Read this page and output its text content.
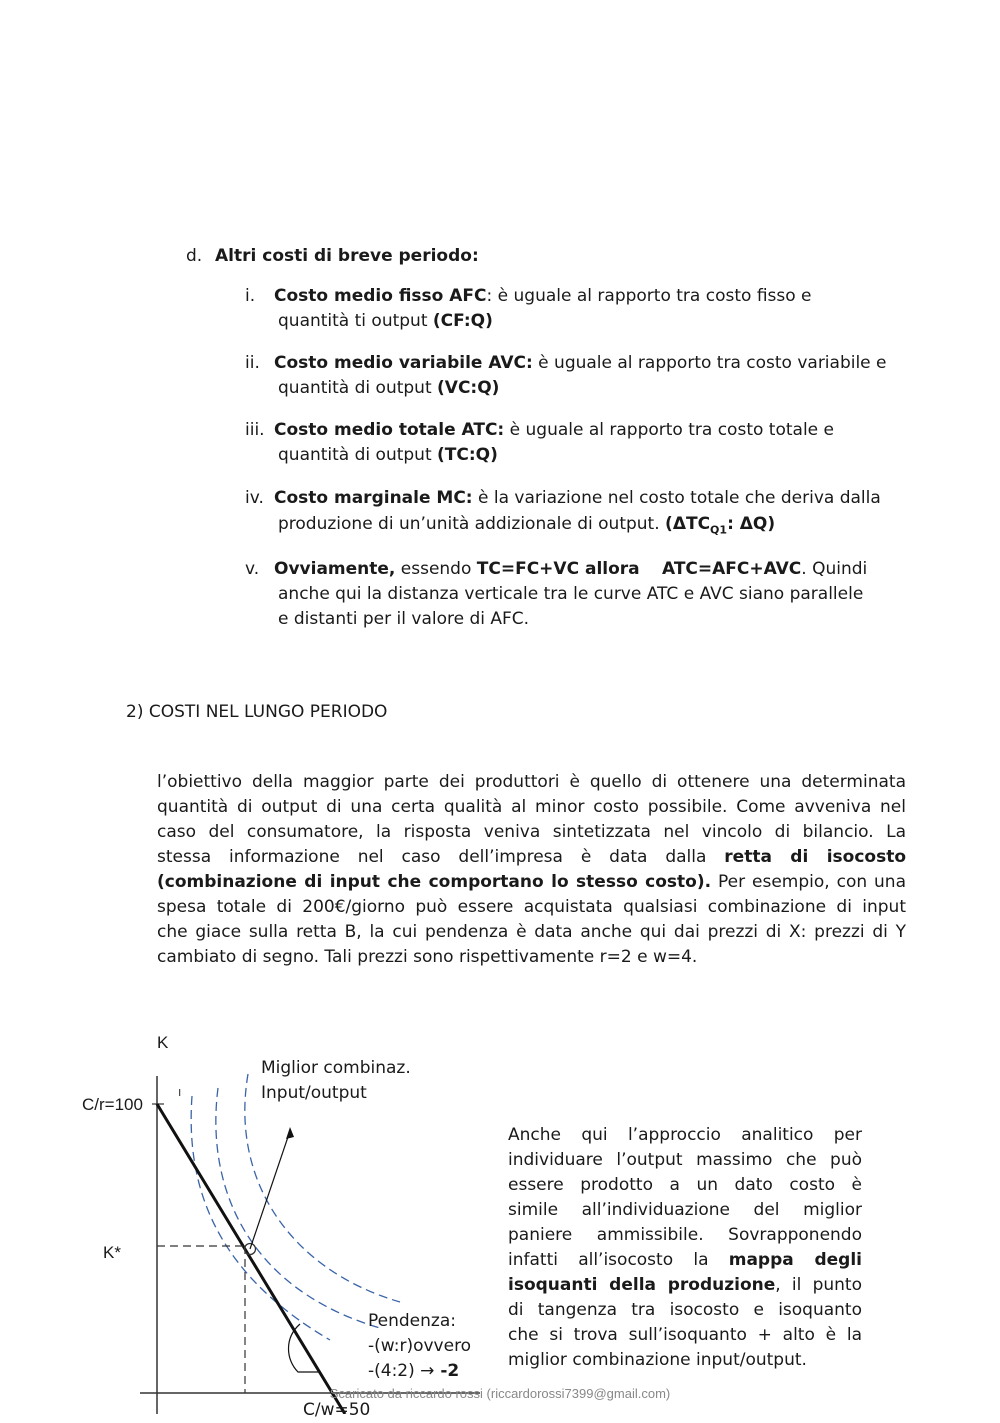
d. Altri costi di breve periodo:
i. Costo medio fisso AFC: è uguale al rapporto tra costo fisso e
quantità ti output (CF:Q)
ii. Costo medio variabile AVC: è uguale al rapporto tra costo variabile e
quantità di output (VC:Q)
iii. Costo medio totale ATC: è uguale al rapporto tra costo totale e
quantità di output (TC:Q)
iv. Costo marginale MC: è la variazione nel costo totale che deriva dalla
produzione di un’unità addizionale di output. ($\Delta TC_{Q1}$: ΔQ)
v. Ovviamente, essendo TC=FC+VC allora ATC=AFC+AVC. Quindi
anche qui la distanza verticale tra le curve ATC e AVC siano parallele
e distanti per il valore di AFC.
2) COSTI NEL LUNGO PERIODO
l’obiettivo della maggior parte dei produttori è quello di ottenere una determinata
quantità di output di una certa qualità al minor costo possibile. Come avveniva nel
caso del consumatore, la risposta veniva sintetizzata nel vincolo di bilancio. La
stessa informazione nel caso dell’impresa è data dalla retta di isocosto
(combinazione di input che comportano lo stesso costo). Per esempio, con una
spesa totale di 200€/giorno può essere acquistata qualsiasi combinazione di input
che giace sulla retta B, la cui pendenza è data anche qui dai prezzi di X: prezzi di Y
cambiato di segno. Tali prezzi sono rispettivamente r=2 e w=4.
K
ı
Miglior combinaz.
Input/output
C/r=100
K*
Pendenza:
-(w:r)ovvero
-(4:2) → -2
C/w=50
Anche qui l’approccio analitico per
individuare l’output massimo che può
essere prodotto a un dato costo è
simile all’individuazione del miglior
paniere ammissibile. Sovrapponendo
infatti all’isocosto la mappa degli
isoquanti della produzione, il punto
di tangenza tra isocosto e isoquanto
che si trova sull’isoquanto + alto è la
miglior combinazione input/output.
Scaricato da riccardo rossi (riccardorossi7399@gmail.com)
